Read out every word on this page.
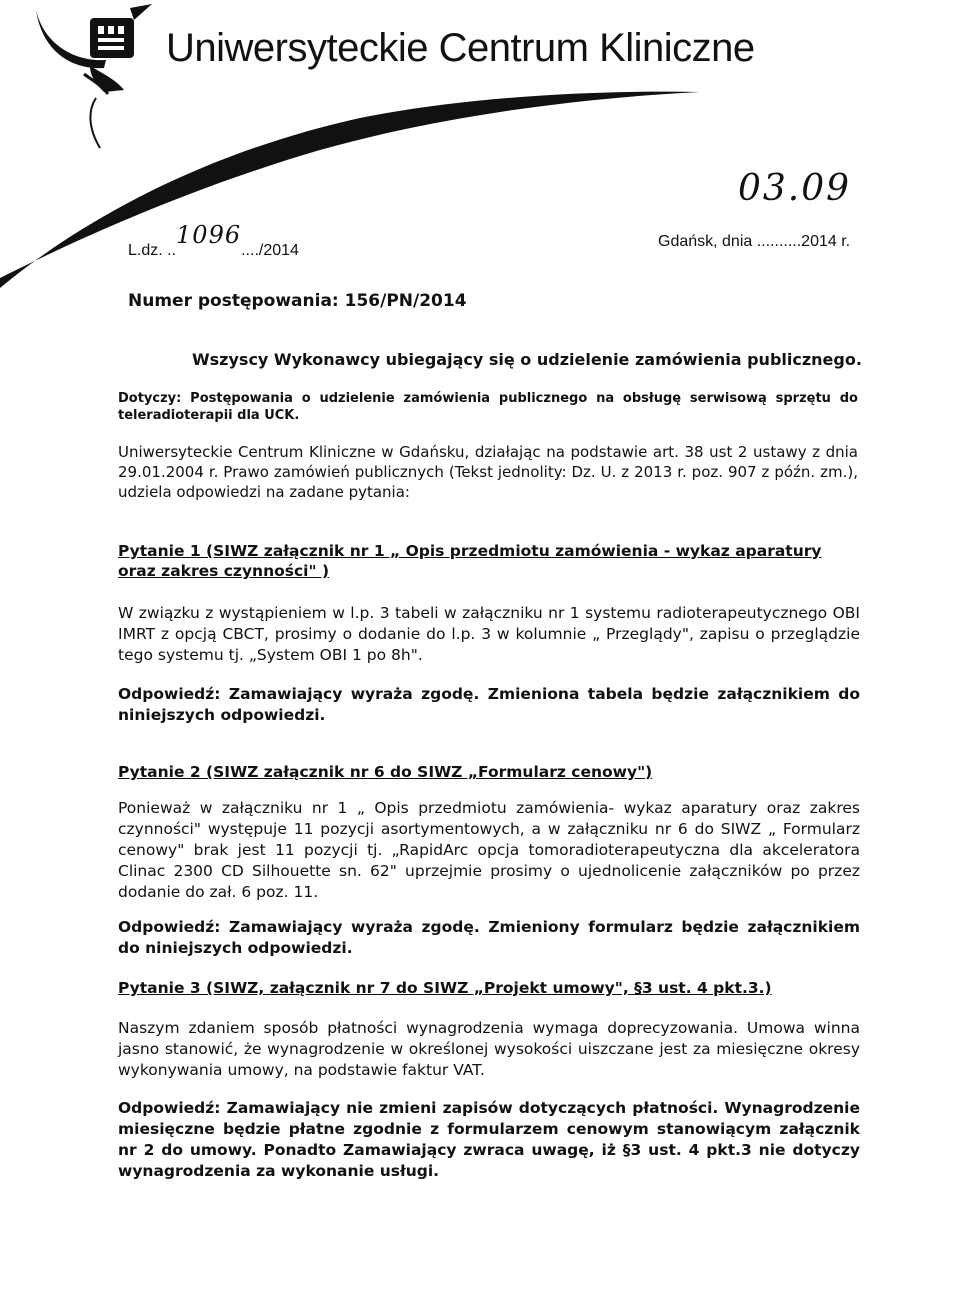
Uniwersyteckie Centrum Kliniczne
L.dz. ..1096..../2014
03.09
Gdańsk, dnia ..........2014 r.
Numer postępowania: 156/PN/2014
Wszyscy Wykonawcy ubiegający się o udzielenie zamówienia publicznego.
Dotyczy: Postępowania o udzielenie zamówienia publicznego na obsługę serwisową sprzętu do teleradioterapii dla UCK.
Uniwersyteckie Centrum Kliniczne w Gdańsku, działając na podstawie art. 38 ust 2 ustawy z dnia 29.01.2004 r. Prawo zamówień publicznych (Tekst jednolity: Dz. U. z 2013 r. poz. 907 z późn. zm.), udziela odpowiedzi na zadane pytania:
Pytanie 1 (SIWZ załącznik nr 1 „ Opis przedmiotu zamówienia - wykaz aparatury oraz zakres czynności" )
W związku z wystąpieniem w l.p. 3 tabeli w załączniku nr 1 systemu radioterapeutycznego OBI IMRT z opcją CBCT, prosimy o dodanie do l.p. 3 w kolumnie „ Przeglądy", zapisu o przeglądzie tego systemu tj. „System OBI 1 po 8h".
Odpowiedź: Zamawiający wyraża zgodę. Zmieniona tabela będzie załącznikiem do niniejszych odpowiedzi.
Pytanie 2 (SIWZ załącznik nr 6 do SIWZ „Formularz cenowy")
Ponieważ w załączniku nr 1 „ Opis przedmiotu zamówienia- wykaz aparatury oraz zakres czynności" występuje 11 pozycji asortymentowych, a w załączniku nr 6 do SIWZ „ Formularz cenowy" brak jest 11 pozycji tj. „RapidArc opcja tomoradioterapeutyczna dla akceleratora Clinac 2300 CD Silhouette sn. 62" uprzejmie prosimy o ujednolicenie załączników po przez dodanie do zał. 6 poz. 11.
Odpowiedź: Zamawiający wyraża zgodę. Zmieniony formularz będzie załącznikiem do niniejszych odpowiedzi.
Pytanie 3 (SIWZ, załącznik nr 7 do SIWZ „Projekt umowy", §3 ust. 4 pkt.3.)
Naszym zdaniem sposób płatności wynagrodzenia wymaga doprecyzowania. Umowa winna jasno stanowić, że wynagrodzenie w określonej wysokości uiszczane jest za miesięczne okresy wykonywania umowy, na podstawie faktur VAT.
Odpowiedź: Zamawiający nie zmieni zapisów dotyczących płatności. Wynagrodzenie miesięczne będzie płatne zgodnie z formularzem cenowym stanowiącym załącznik nr 2 do umowy. Ponadto Zamawiający zwraca uwagę, iż §3 ust. 4 pkt.3 nie dotyczy wynagrodzenia za wykonanie usługi.
